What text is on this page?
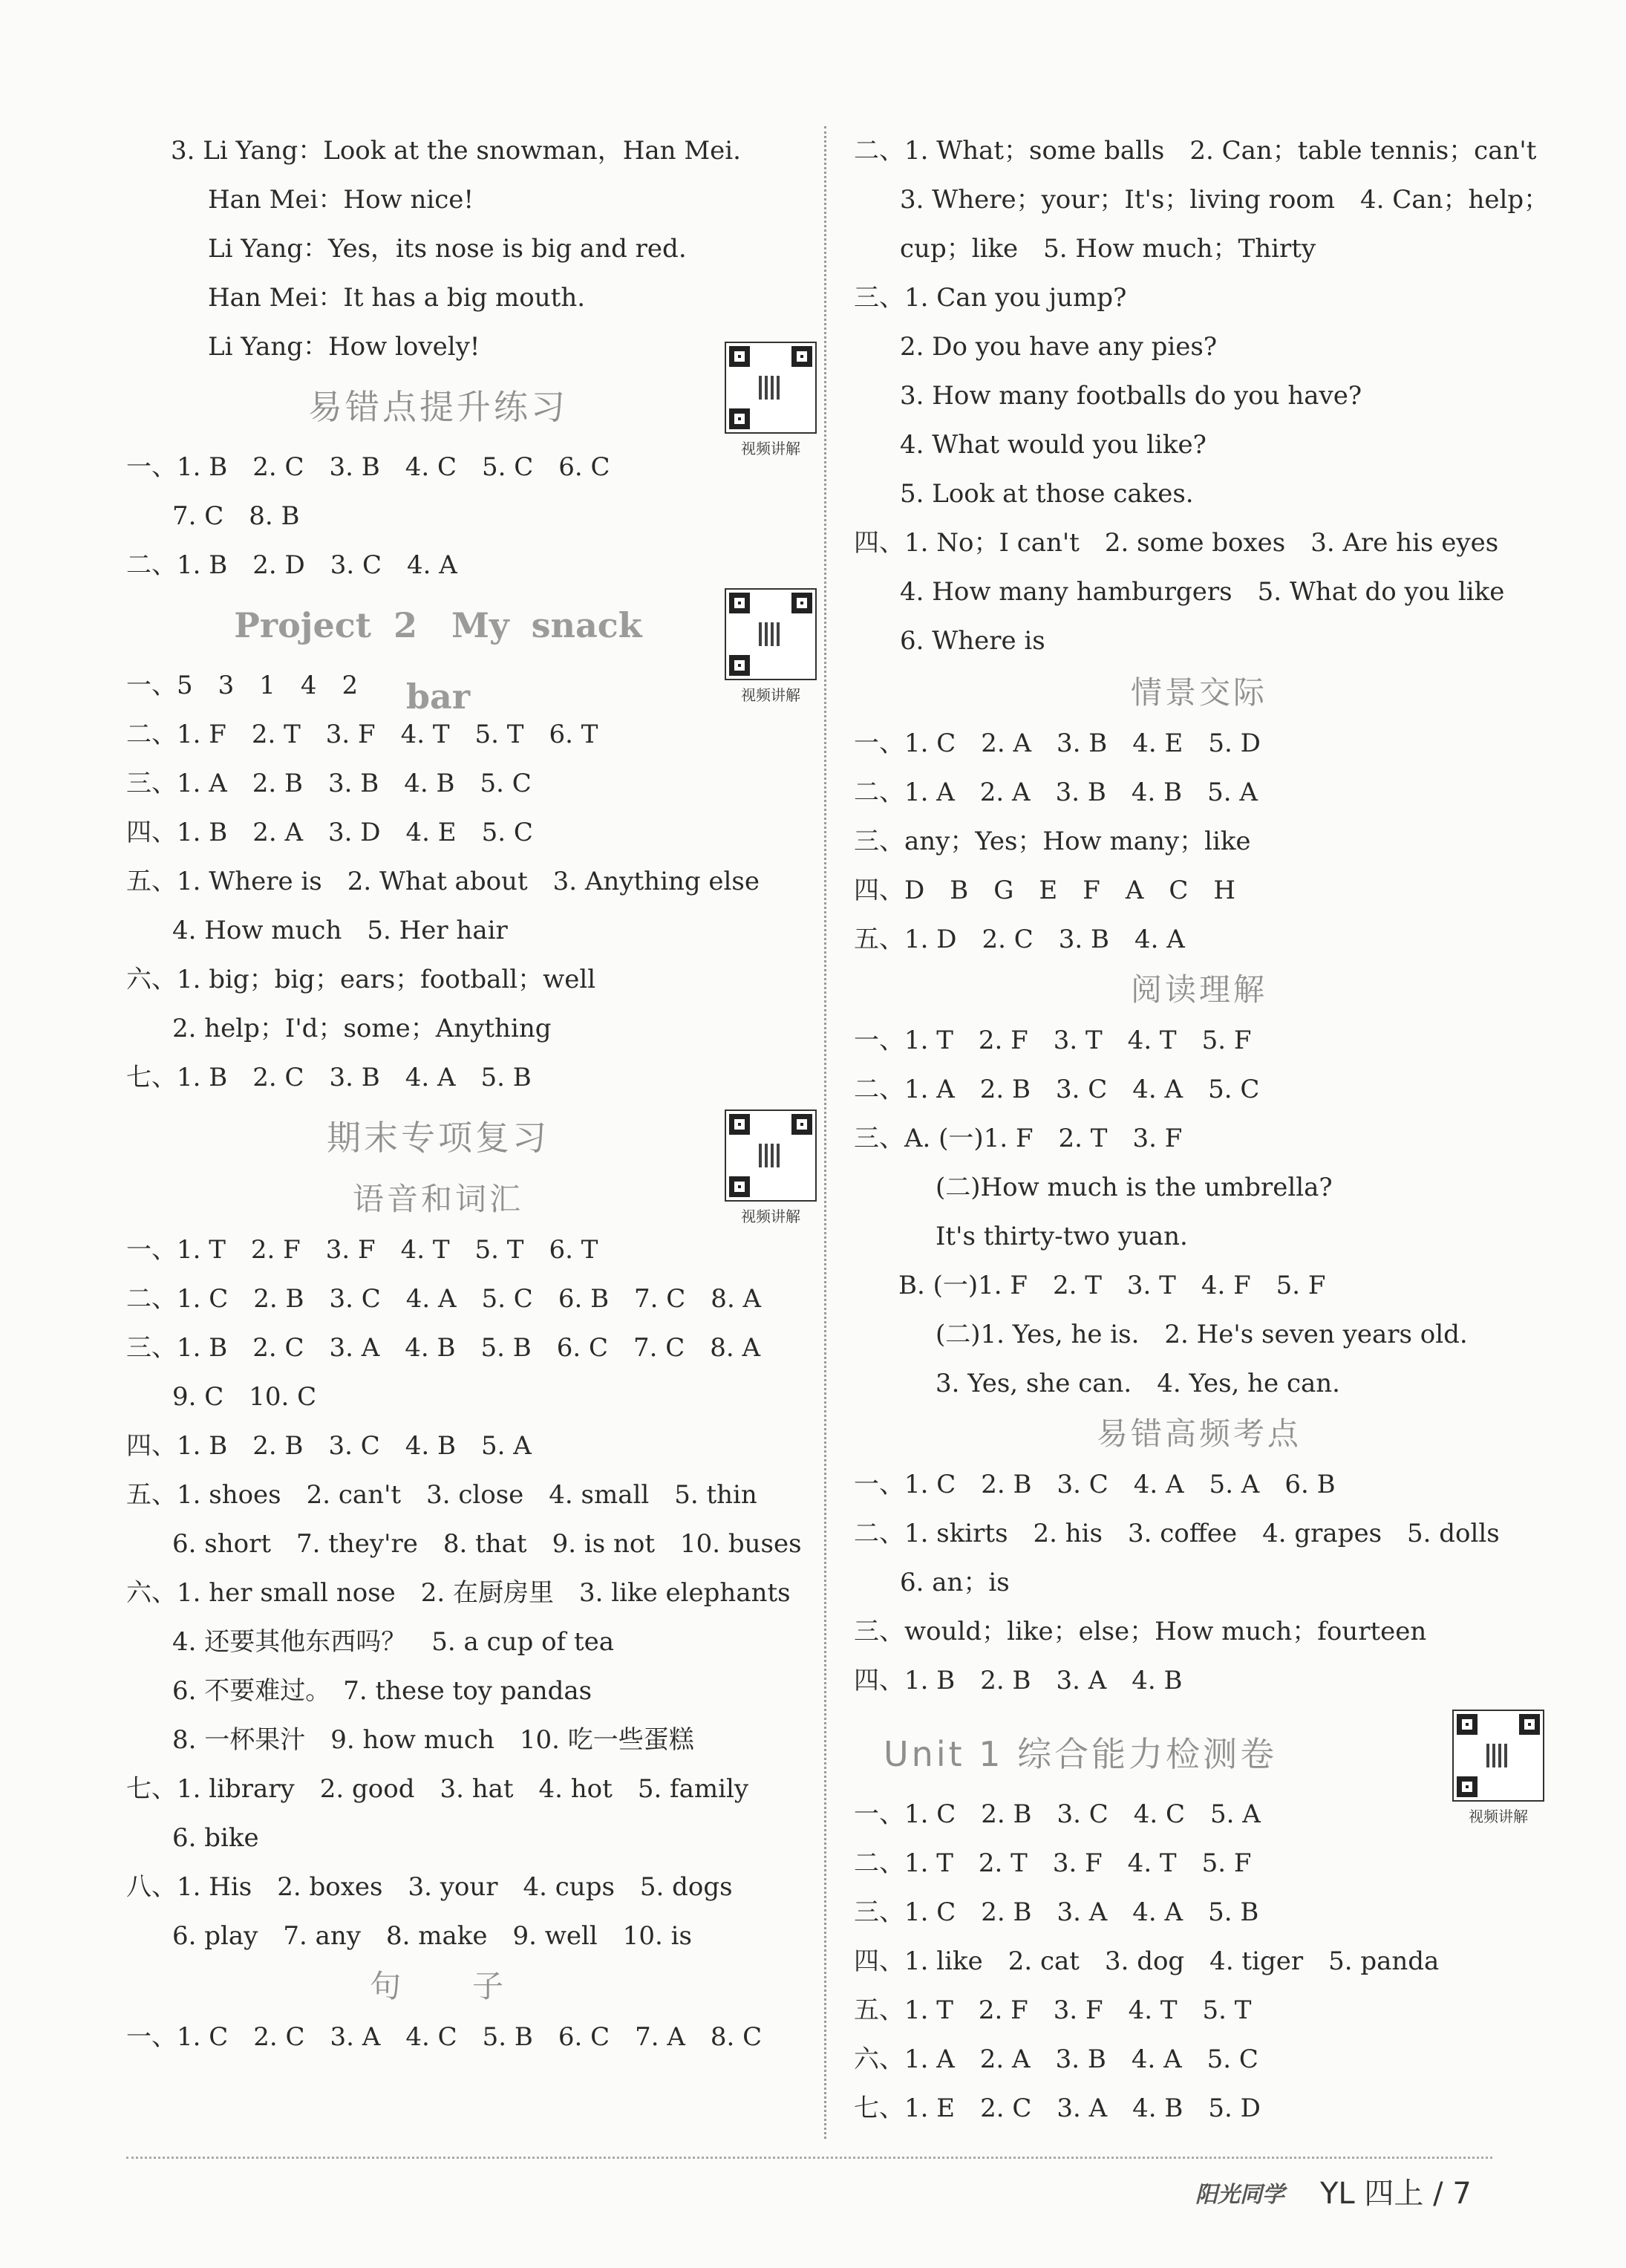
3. Li Yang：Look at the snowman，Han Mei.
Han Mei：How nice!
Li Yang：Yes，its nose is big and red.
Han Mei：It has a big mouth.
Li Yang：How lovely!
易错点提升练习
视频讲解
一、1. B　2. C　3. B　4. C　5. C　6. C
7. C　8. B
二、1. B　2. D　3. C　4. A
Project 2　My snack bar	视频讲解
一、5　3　1　4　2
二、1. F　2. T　3. F　4. T　5. T　6. T
三、1. A　2. B　3. B　4. B　5. C
四、1. B　2. A　3. D　4. E　5. C
五、1. Where is　2. What about　3. Anything else
4. How much　5. Her hair
六、1. big；big；ears；football；well
2. help；I'd；some；Anything
七、1. B　2. C　3. B　4. A　5. B
期末专项复习
视频讲解
语音和词汇
一、1. T　2. F　3. F　4. T　5. T　6. T
二、1. C　2. B　3. C　4. A　5. C　6. B　7. C　8. A
三、1. B　2. C　3. A　4. B　5. B　6. C　7. C　8. A
9. C　10. C
四、1. B　2. B　3. C　4. B　5. A
五、1. shoes　2. can't　3. close　4. small　5. thin
6. short　7. they're　8. that　9. is not　10. buses
六、1. her small nose　2. 在厨房里　3. like elephants
4. 还要其他东西吗？　5. a cup of tea
6. 不要难过。　7. these toy pandas
8. 一杯果汁　9. how much　10. 吃一些蛋糕
七、1. library　2. good　3. hat　4. hot　5. family
6. bike
八、1. His　2. boxes　3. your　4. cups　5. dogs
6. play　7. any　8. make　9. well　10. is
句　　子
一、1. C　2. C　3. A　4. C　5. B　6. C　7. A　8. C
二、1. What；some balls　2. Can；table tennis；can't
3. Where；your；It's；living room　4. Can；help；
cup；like　5. How much；Thirty
三、1. Can you jump?
2. Do you have any pies?
3. How many footballs do you have?
4. What would you like?
5. Look at those cakes.
四、1. No；I can't　2. some boxes　3. Are his eyes
4. How many hamburgers　5. What do you like
6. Where is
情景交际
一、1. C　2. A　3. B　4. E　5. D
二、1. A　2. A　3. B　4. B　5. A
三、any；Yes；How many；like
四、D　B　G　E　F　A　C　H
五、1. D　2. C　3. B　4. A
阅读理解
一、1. T　2. F　3. T　4. T　5. F
二、1. A　2. B　3. C　4. A　5. C
三、A. (一)1. F　2. T　3. F
(二)How much is the umbrella?
It's thirty-two yuan.
B. (一)1. F　2. T　3. T　4. F　5. F
(二)1. Yes, he is.　2. He's seven years old.
3. Yes, she can.　4. Yes, he can.
易错高频考点
一、1. C　2. B　3. C　4. A　5. A　6. B
二、1. skirts　2. his　3. coffee　4. grapes　5. dolls
6. an；is
三、would；like；else；How much；fourteen
四、1. B　2. B　3. A　4. B
Unit 1 综合能力检测卷
视频讲解
一、1. C　2. B　3. C　4. C　5. A
二、1. T　2. T　3. F　4. T　5. F
三、1. C　2. B　3. A　4. A　5. B
四、1. like　2. cat　3. dog　4. tiger　5. panda
五、1. T　2. F　3. F　4. T　5. T
六、1. A　2. A　3. B　4. A　5. C
七、1. E　2. C　3. A　4. B　5. D
阳光同学 YL 四上 / 7
